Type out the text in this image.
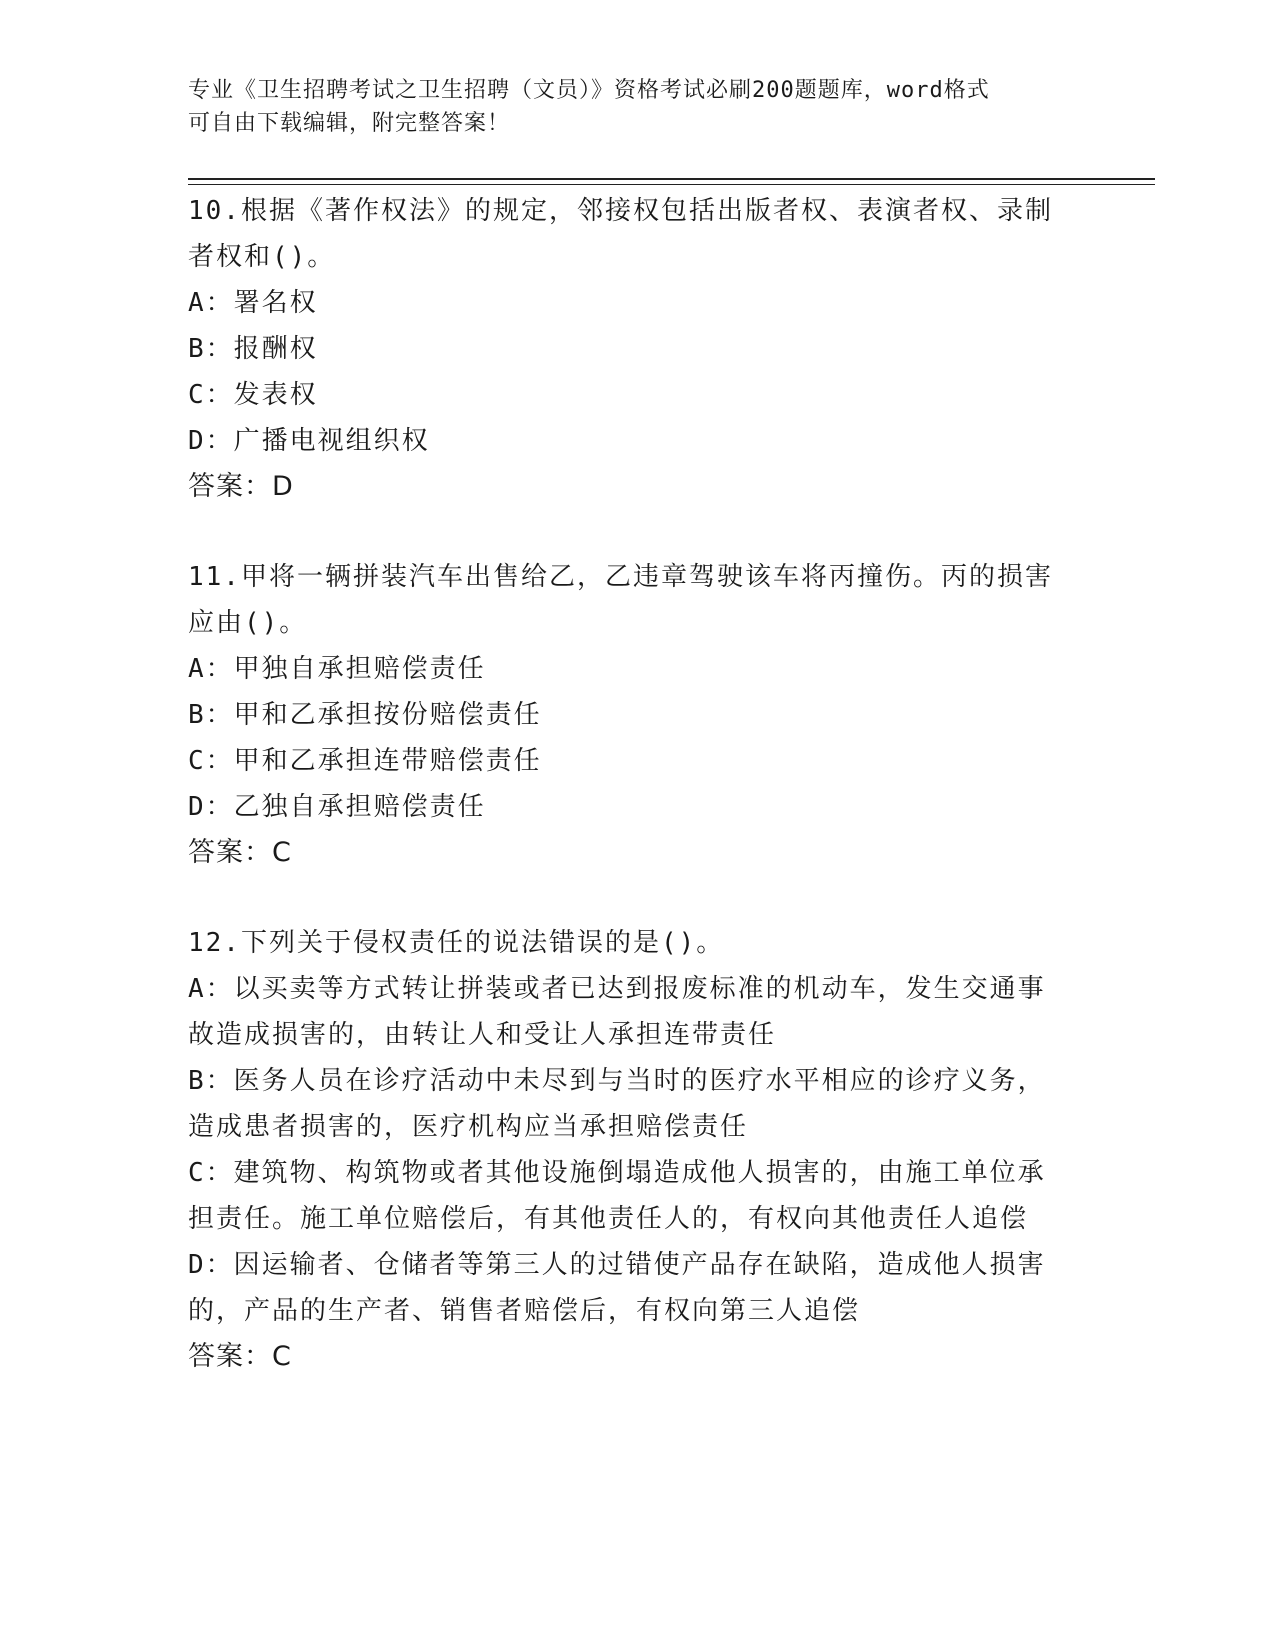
专业《卫生招聘考试之卫生招聘（文员）》资格考试必刷200题题库，word格式
可自由下载编辑，附完整答案！
10.根据《著作权法》的规定，邻接权包括出版者权、表演者权、录制
者权和()。
A：署名权
B：报酬权
C：发表权
D：广播电视组织权
答案：D
11.甲将一辆拼装汽车出售给乙，乙违章驾驶该车将丙撞伤。丙的损害
应由()。
A：甲独自承担赔偿责任
B：甲和乙承担按份赔偿责任
C：甲和乙承担连带赔偿责任
D：乙独自承担赔偿责任
答案：C
12.下列关于侵权责任的说法错误的是()。
A：以买卖等方式转让拼装或者已达到报废标准的机动车，发生交通事
故造成损害的，由转让人和受让人承担连带责任
B：医务人员在诊疗活动中未尽到与当时的医疗水平相应的诊疗义务，
造成患者损害的，医疗机构应当承担赔偿责任
C：建筑物、构筑物或者其他设施倒塌造成他人损害的，由施工单位承
担责任。施工单位赔偿后，有其他责任人的，有权向其他责任人追偿
D：因运输者、仓储者等第三人的过错使产品存在缺陷，造成他人损害
的，产品的生产者、销售者赔偿后，有权向第三人追偿
答案：C
